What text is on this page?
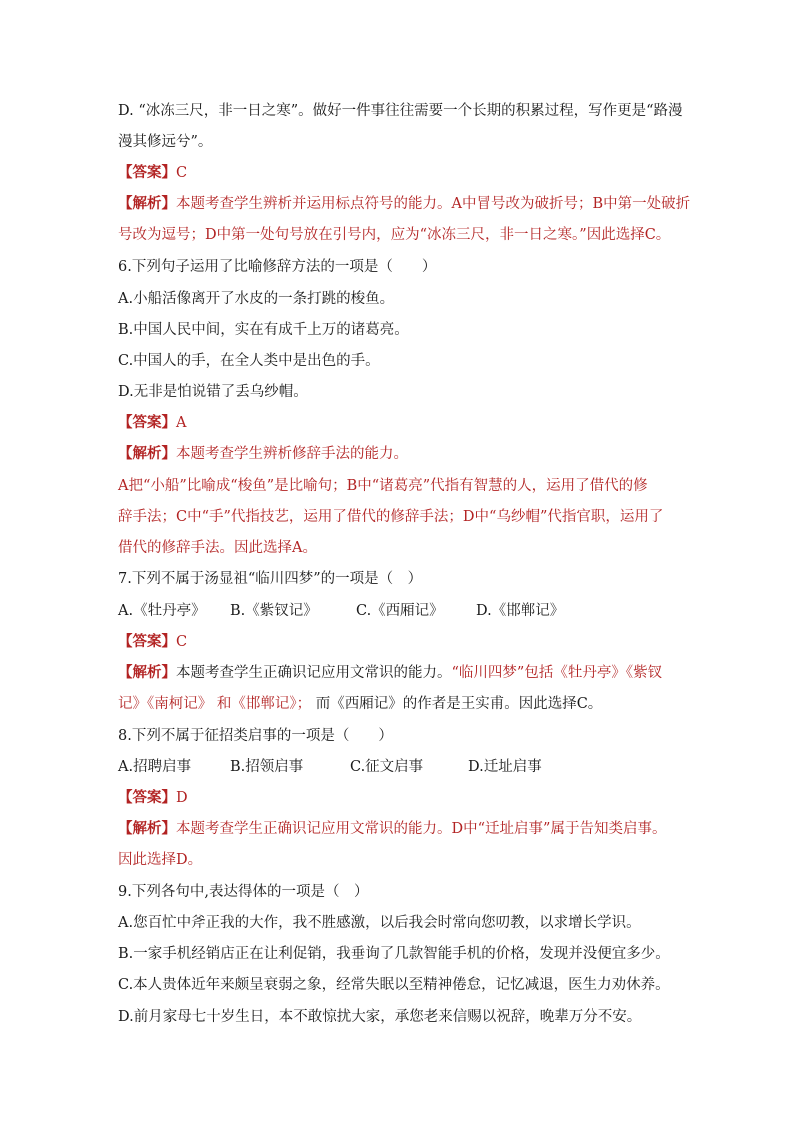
D. “冰冻三尺，非一日之寒”。做好一件事往往需要一个长期的积累过程，写作更是“路漫
漫其修远兮”。
【答案】C
【解析】本题考查学生辨析并运用标点符号的能力。A中冒号改为破折号；B中第一处破折
号改为逗号；D中第一处句号放在引号内，应为“冰冻三尺，非一日之寒。”因此选择C。
6.下列句子运用了比喻修辞方法的一项是（　　）
A.小船活像离开了水皮的一条打跳的梭鱼。
B.中国人民中间，实在有成千上万的诸葛亮。
C.中国人的手，在全人类中是出色的手。
D.无非是怕说错了丢乌纱帽。
【答案】A
【解析】本题考查学生辨析修辞手法的能力。
A把“小船”比喻成“梭鱼”是比喻句；B中“诸葛亮”代指有智慧的人，运用了借代的修
辞手法；C中“手”代指技艺，运用了借代的修辞手法；D中“乌纱帽”代指官职，运用了
借代的修辞手法。因此选择A。
7.下列不属于汤显祖“临川四梦”的一项是（　）
A.《牡丹亭》 B.《紫钗记》	C.《西厢记》 D.《邯郸记》
【答案】C
【解析】本题考查学生正确识记应用文常识的能力。“临川四梦”包括《牡丹亭》《紫钗
记》《南柯记》 和《邯郸记》； 而《西厢记》的作者是王实甫。因此选择C。
8.下列不属于征招类启事的一项是（　　）
A.招聘启事	B.招领启事	C.征文启事	D.迁址启事
【答案】D
【解析】本题考查学生正确识记应用文常识的能力。D中“迁址启事”属于告知类启事。
因此选择D。
9.下列各句中,表达得体的一项是（　）
A.您百忙中斧正我的大作，我不胜感激，以后我会时常向您叨教，以求增长学识。
B.一家手机经销店正在让利促销，我垂询了几款智能手机的价格，发现并没便宜多少。
C.本人贵体近年来颇呈衰弱之象，经常失眠以至精神倦怠，记忆减退，医生力劝休养。
D.前月家母七十岁生日，本不敢惊扰大家，承您老来信赐以祝辞，晚辈万分不安。
